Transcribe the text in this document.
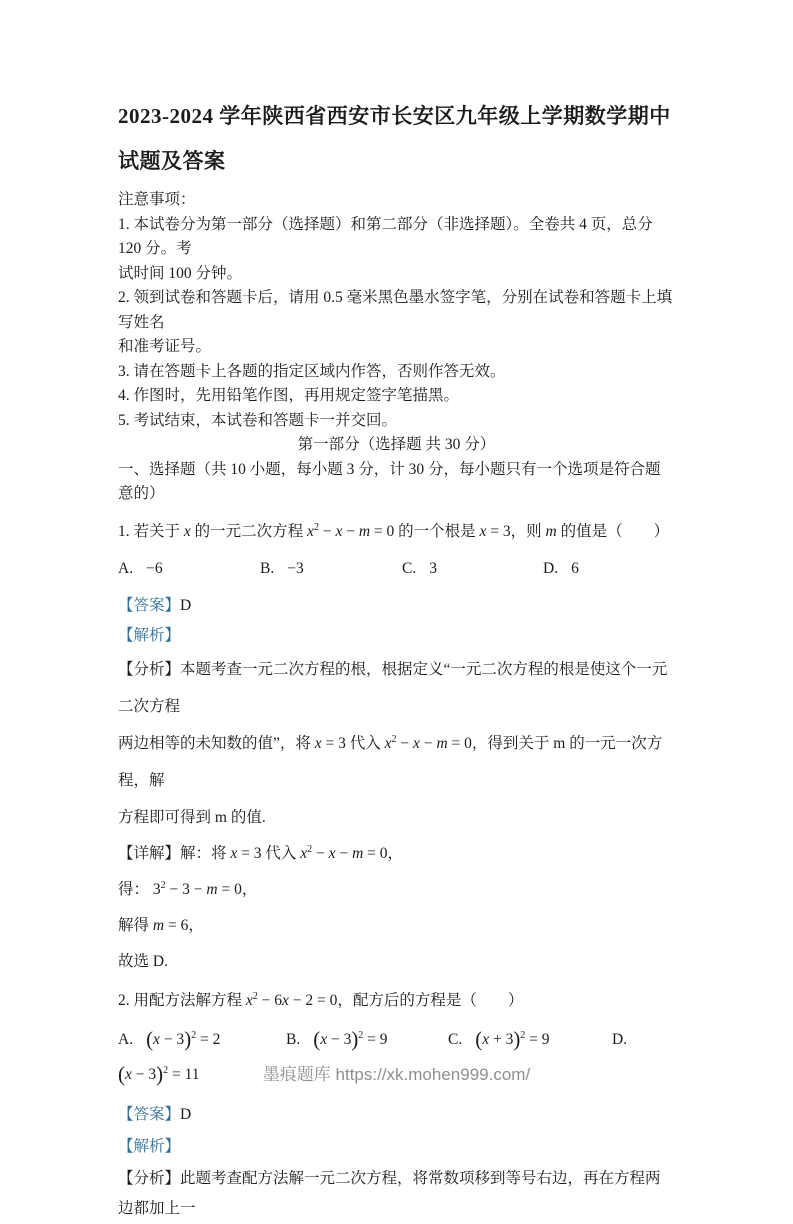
2023-2024 学年陕西省西安市长安区九年级上学期数学期中
试题及答案

注意事项：

1. 本试卷分为第一部分（选择题）和第二部分（非选择题）。全卷共 4 页，总分 120 分。考

试时间 100 分钟。

2. 领到试卷和答题卡后，请用 0.5 毫米黑色墨水签字笔，分别在试卷和答题卡上填写姓名

和准考证号。

3. 请在答题卡上各题的指定区域内作答，否则作答无效。

4. 作图时，先用铅笔作图，再用规定签字笔描黑。

5. 考试结束，本试卷和答题卡一并交回。

第一部分（选择题 共 30 分）

一、选择题（共 10 小题，每小题 3 分，计 30 分，每小题只有一个选项是符合题意的）

1. 若关于 x 的一元二次方程 $x^2 - x - m = 0$ 的一个根是 x = 3，则 m 的值是（　　）

A. −6	B. −3	C. 3	D. 6

【答案】D

【解析】

【分析】本题考查一元二次方程的根，根据定义“一元二次方程的根是使这个一元二次方程

两边相等的未知数的值”，将 x = 3 代入 $x^2 - x - m = 0$，得到关于 m 的一元一次方程，解

方程即可得到 m 的值.

【详解】解：将 x = 3 代入 $x^2 - x - m = 0$，

得： $3^2 - 3 - m = 0$，

解得 m = 6，

故选 D.

2. 用配方法解方程 $x^2 - 6x - 2 = 0$，配方后的方程是（　　）

A. $(x - 3)^2 = 2$	B. $(x - 3)^2 = 9$	C. $(x + 3)^2 = 9$	D.

$(x - 3)^2 = 11$

【答案】D

【解析】

【分析】此题考查配方法解一元二次方程，将常数项移到等号右边，再在方程两边都加上一

墨痕题库 https://xk.mohen999.com/
